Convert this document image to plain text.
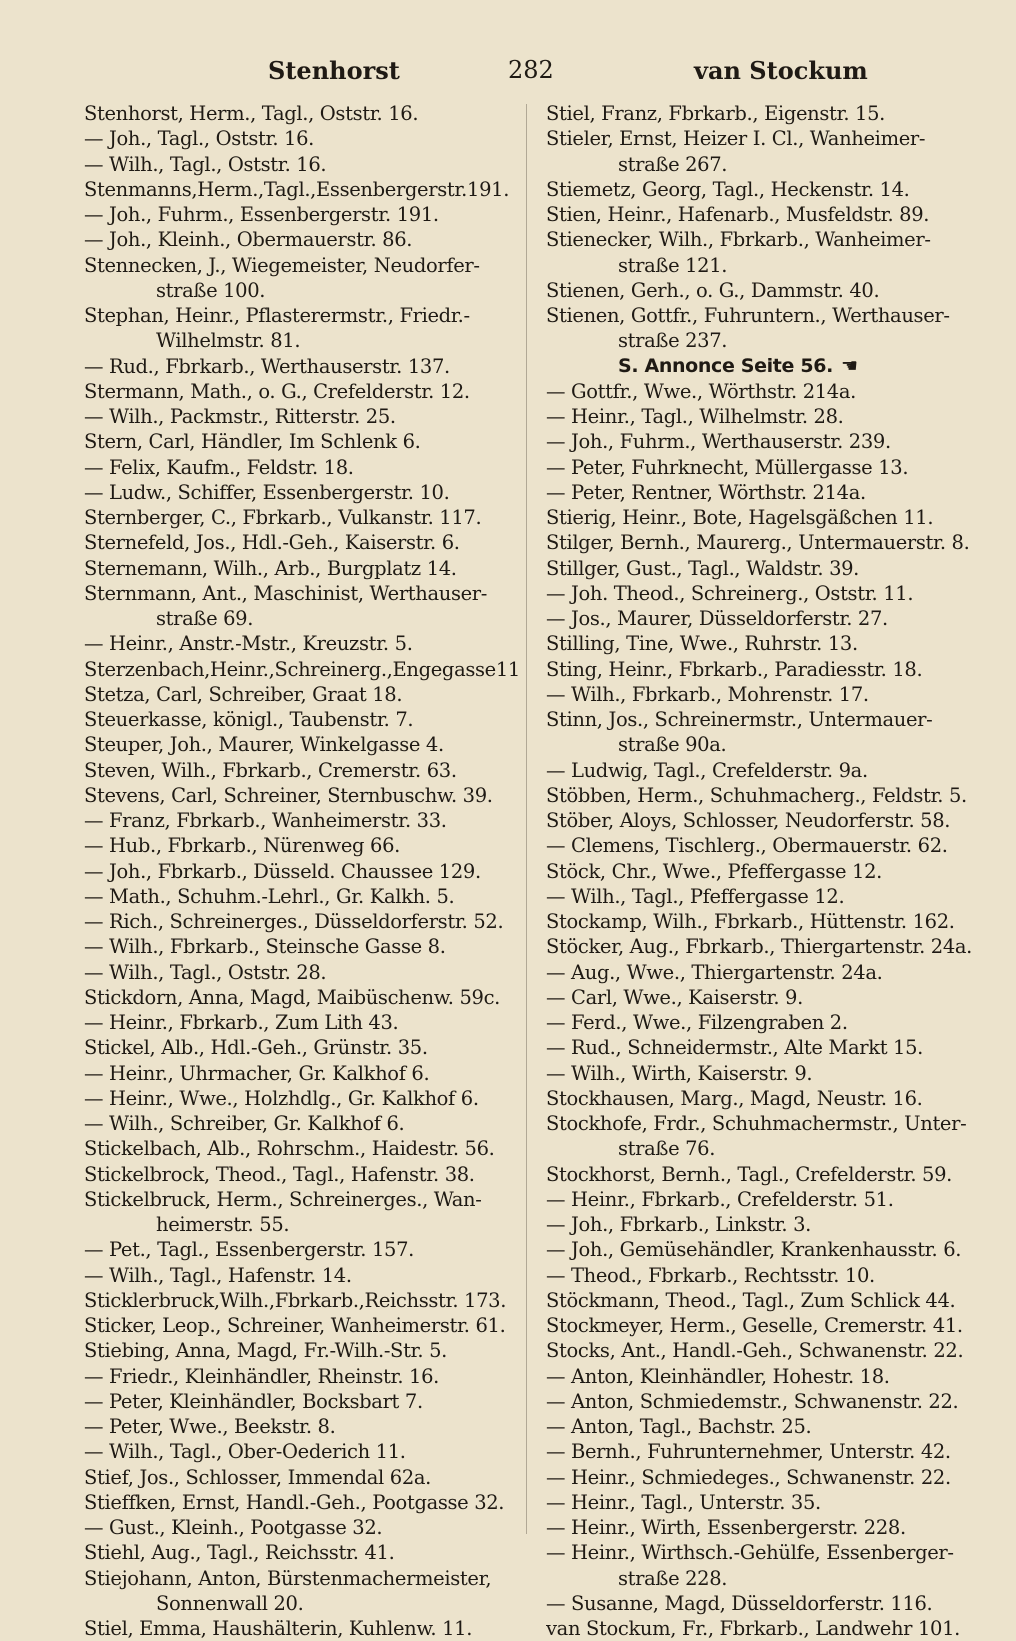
Stenhorst	282	van Stockum
Stenhorst, Herm., Tagl., Oststr. 16.
— Joh., Tagl., Oststr. 16.
— Wilh., Tagl., Oststr. 16.
Stenmanns,Herm.,Tagl.,Essenbergerstr.191.
— Joh., Fuhrm., Essenbergerstr. 191.
— Joh., Kleinh., Obermauerstr. 86.
Stennecken, J., Wiegemeister, Neudorfer-
straße 100.
Stephan, Heinr., Pflasterermstr., Friedr.-
Wilhelmstr. 81.
— Rud., Fbrkarb., Werthauserstr. 137.
Stermann, Math., o. G., Crefelderstr. 12.
— Wilh., Packmstr., Ritterstr. 25.
Stern, Carl, Händler, Im Schlenk 6.
— Felix, Kaufm., Feldstr. 18.
— Ludw., Schiffer, Essenbergerstr. 10.
Sternberger, C., Fbrkarb., Vulkanstr. 117.
Sternefeld, Jos., Hdl.-Geh., Kaiserstr. 6.
Sternemann, Wilh., Arb., Burgplatz 14.
Sternmann, Ant., Maschinist, Werthauser-
straße 69.
— Heinr., Anstr.-Mstr., Kreuzstr. 5.
Sterzenbach,Heinr.,Schreinerg.,Engegasse11
Stetza, Carl, Schreiber, Graat 18.
Steuerkasse, königl., Taubenstr. 7.
Steuper, Joh., Maurer, Winkelgasse 4.
Steven, Wilh., Fbrkarb., Cremerstr. 63.
Stevens, Carl, Schreiner, Sternbuschw. 39.
— Franz, Fbrkarb., Wanheimerstr. 33.
— Hub., Fbrkarb., Nürenweg 66.
— Joh., Fbrkarb., Düsseld. Chaussee 129.
— Math., Schuhm.-Lehrl., Gr. Kalkh. 5.
— Rich., Schreinerges., Düsseldorferstr. 52.
— Wilh., Fbrkarb., Steinsche Gasse 8.
— Wilh., Tagl., Oststr. 28.
Stickdorn, Anna, Magd, Maibüschenw. 59c.
— Heinr., Fbrkarb., Zum Lith 43.
Stickel, Alb., Hdl.-Geh., Grünstr. 35.
— Heinr., Uhrmacher, Gr. Kalkhof 6.
— Heinr., Wwe., Holzhdlg., Gr. Kalkhof 6.
— Wilh., Schreiber, Gr. Kalkhof 6.
Stickelbach, Alb., Rohrschm., Haidestr. 56.
Stickelbrock, Theod., Tagl., Hafenstr. 38.
Stickelbruck, Herm., Schreinerges., Wan-
heimerstr. 55.
— Pet., Tagl., Essenbergerstr. 157.
— Wilh., Tagl., Hafenstr. 14.
Sticklerbruck,Wilh.,Fbrkarb.,Reichsstr. 173.
Sticker, Leop., Schreiner, Wanheimerstr. 61.
Stiebing, Anna, Magd, Fr.-Wilh.-Str. 5.
— Friedr., Kleinhändler, Rheinstr. 16.
— Peter, Kleinhändler, Bocksbart 7.
— Peter, Wwe., Beekstr. 8.
— Wilh., Tagl., Ober-Oederich 11.
Stief, Jos., Schlosser, Immendal 62a.
Stieffken, Ernst, Handl.-Geh., Pootgasse 32.
— Gust., Kleinh., Pootgasse 32.
Stiehl, Aug., Tagl., Reichsstr. 41.
Stiejohann, Anton, Bürstenmachermeister,
Sonnenwall 20.
Stiel, Emma, Haushälterin, Kuhlenw. 11.
Stiel, Franz, Fbrkarb., Eigenstr. 15.
Stieler, Ernst, Heizer I. Cl., Wanheimer-
straße 267.
Stiemetz, Georg, Tagl., Heckenstr. 14.
Stien, Heinr., Hafenarb., Musfeldstr. 89.
Stienecker, Wilh., Fbrkarb., Wanheimer-
straße 121.
Stienen, Gerh., o. G., Dammstr. 40.
Stienen, Gottfr., Fuhruntern., Werthauser-
straße 237.
S. Annonce Seite 56. ☚
— Gottfr., Wwe., Wörthstr. 214a.
— Heinr., Tagl., Wilhelmstr. 28.
— Joh., Fuhrm., Werthauserstr. 239.
— Peter, Fuhrknecht, Müllergasse 13.
— Peter, Rentner, Wörthstr. 214a.
Stierig, Heinr., Bote, Hagelsgäßchen 11.
Stilger, Bernh., Maurerg., Untermauerstr. 8.
Stillger, Gust., Tagl., Waldstr. 39.
— Joh. Theod., Schreinerg., Oststr. 11.
— Jos., Maurer, Düsseldorferstr. 27.
Stilling, Tine, Wwe., Ruhrstr. 13.
Sting, Heinr., Fbrkarb., Paradiesstr. 18.
— Wilh., Fbrkarb., Mohrenstr. 17.
Stinn, Jos., Schreinermstr., Untermauer-
straße 90a.
— Ludwig, Tagl., Crefelderstr. 9a.
Stöbben, Herm., Schuhmacherg., Feldstr. 5.
Stöber, Aloys, Schlosser, Neudorferstr. 58.
— Clemens, Tischlerg., Obermauerstr. 62.
Stöck, Chr., Wwe., Pfeffergasse 12.
— Wilh., Tagl., Pfeffergasse 12.
Stockamp, Wilh., Fbrkarb., Hüttenstr. 162.
Stöcker, Aug., Fbrkarb., Thiergartenstr. 24a.
— Aug., Wwe., Thiergartenstr. 24a.
— Carl, Wwe., Kaiserstr. 9.
— Ferd., Wwe., Filzengraben 2.
— Rud., Schneidermstr., Alte Markt 15.
— Wilh., Wirth, Kaiserstr. 9.
Stockhausen, Marg., Magd, Neustr. 16.
Stockhofe, Frdr., Schuhmachermstr., Unter-
straße 76.
Stockhorst, Bernh., Tagl., Crefelderstr. 59.
— Heinr., Fbrkarb., Crefelderstr. 51.
— Joh., Fbrkarb., Linkstr. 3.
— Joh., Gemüsehändler, Krankenhausstr. 6.
— Theod., Fbrkarb., Rechtsstr. 10.
Stöckmann, Theod., Tagl., Zum Schlick 44.
Stockmeyer, Herm., Geselle, Cremerstr. 41.
Stocks, Ant., Handl.-Geh., Schwanenstr. 22.
— Anton, Kleinhändler, Hohestr. 18.
— Anton, Schmiedemstr., Schwanenstr. 22.
— Anton, Tagl., Bachstr. 25.
— Bernh., Fuhrunternehmer, Unterstr. 42.
— Heinr., Schmiedeges., Schwanenstr. 22.
— Heinr., Tagl., Unterstr. 35.
— Heinr., Wirth, Essenbergerstr. 228.
— Heinr., Wirthsch.-Gehülfe, Essenberger-
straße 228.
— Susanne, Magd, Düsseldorferstr. 116.
van Stockum, Fr., Fbrkarb., Landwehr 101.
